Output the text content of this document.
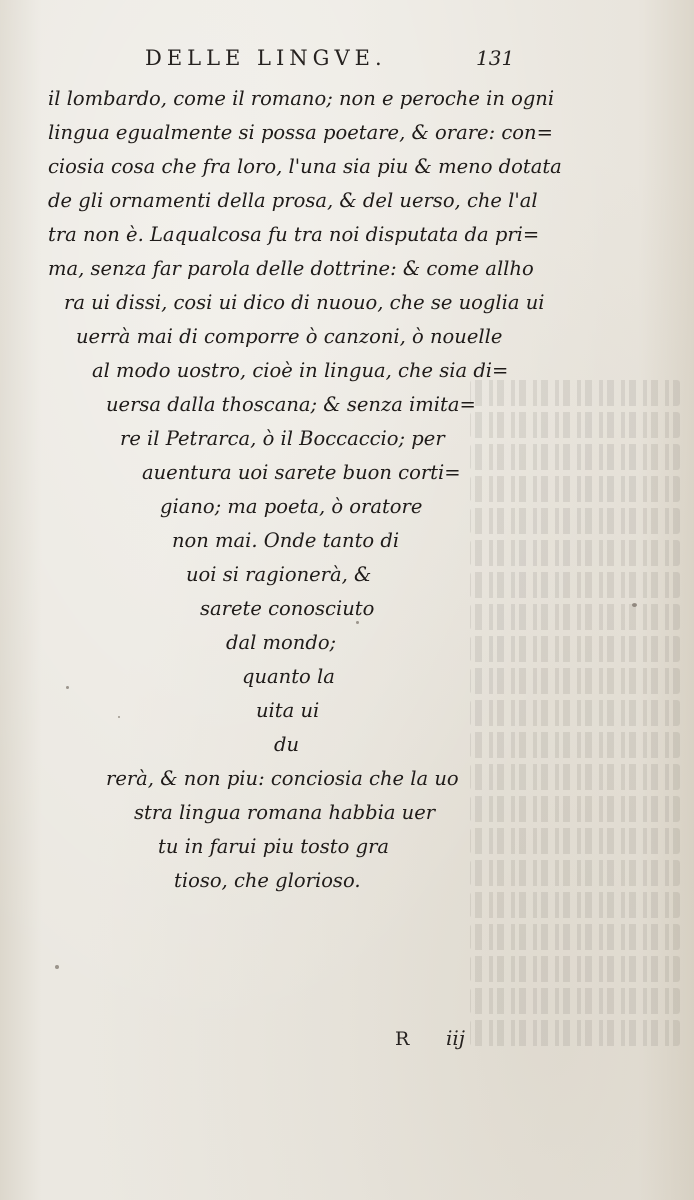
DELLE LINGVE.	131
il lombardo, come il romano; non e peroche in ogni
lingua egualmente si possa poetare, & orare: con=
ciosia cosa che fra loro, l'una sia piu & meno dotata
de gli ornamenti della prosa, & del uerso, che l'al
tra non è. Laqualcosa fu tra noi disputata da pri=
ma, senza far parola delle dottrine: & come allho
ra ui dissi, cosi ui dico di nuouo, che se uoglia ui
uerrà mai di comporre ò canzoni, ò nouelle
al modo uostro, cioè in lingua, che sia di=
uersa dalla thoscana; & senza imita=
re il Petrarca, ò il Boccaccio; per
auentura uoi sarete buon corti=
giano; ma poeta, ò oratore
non mai. Onde tanto di
uoi si ragionerà, &
sarete conosciuto
dal mondo;
quanto la
uita ui
du
rerà, & non piu: conciosia che la uo
stra lingua romana habbia uer
tu in farui piu tosto gra
tioso, che glorioso.
R iij
